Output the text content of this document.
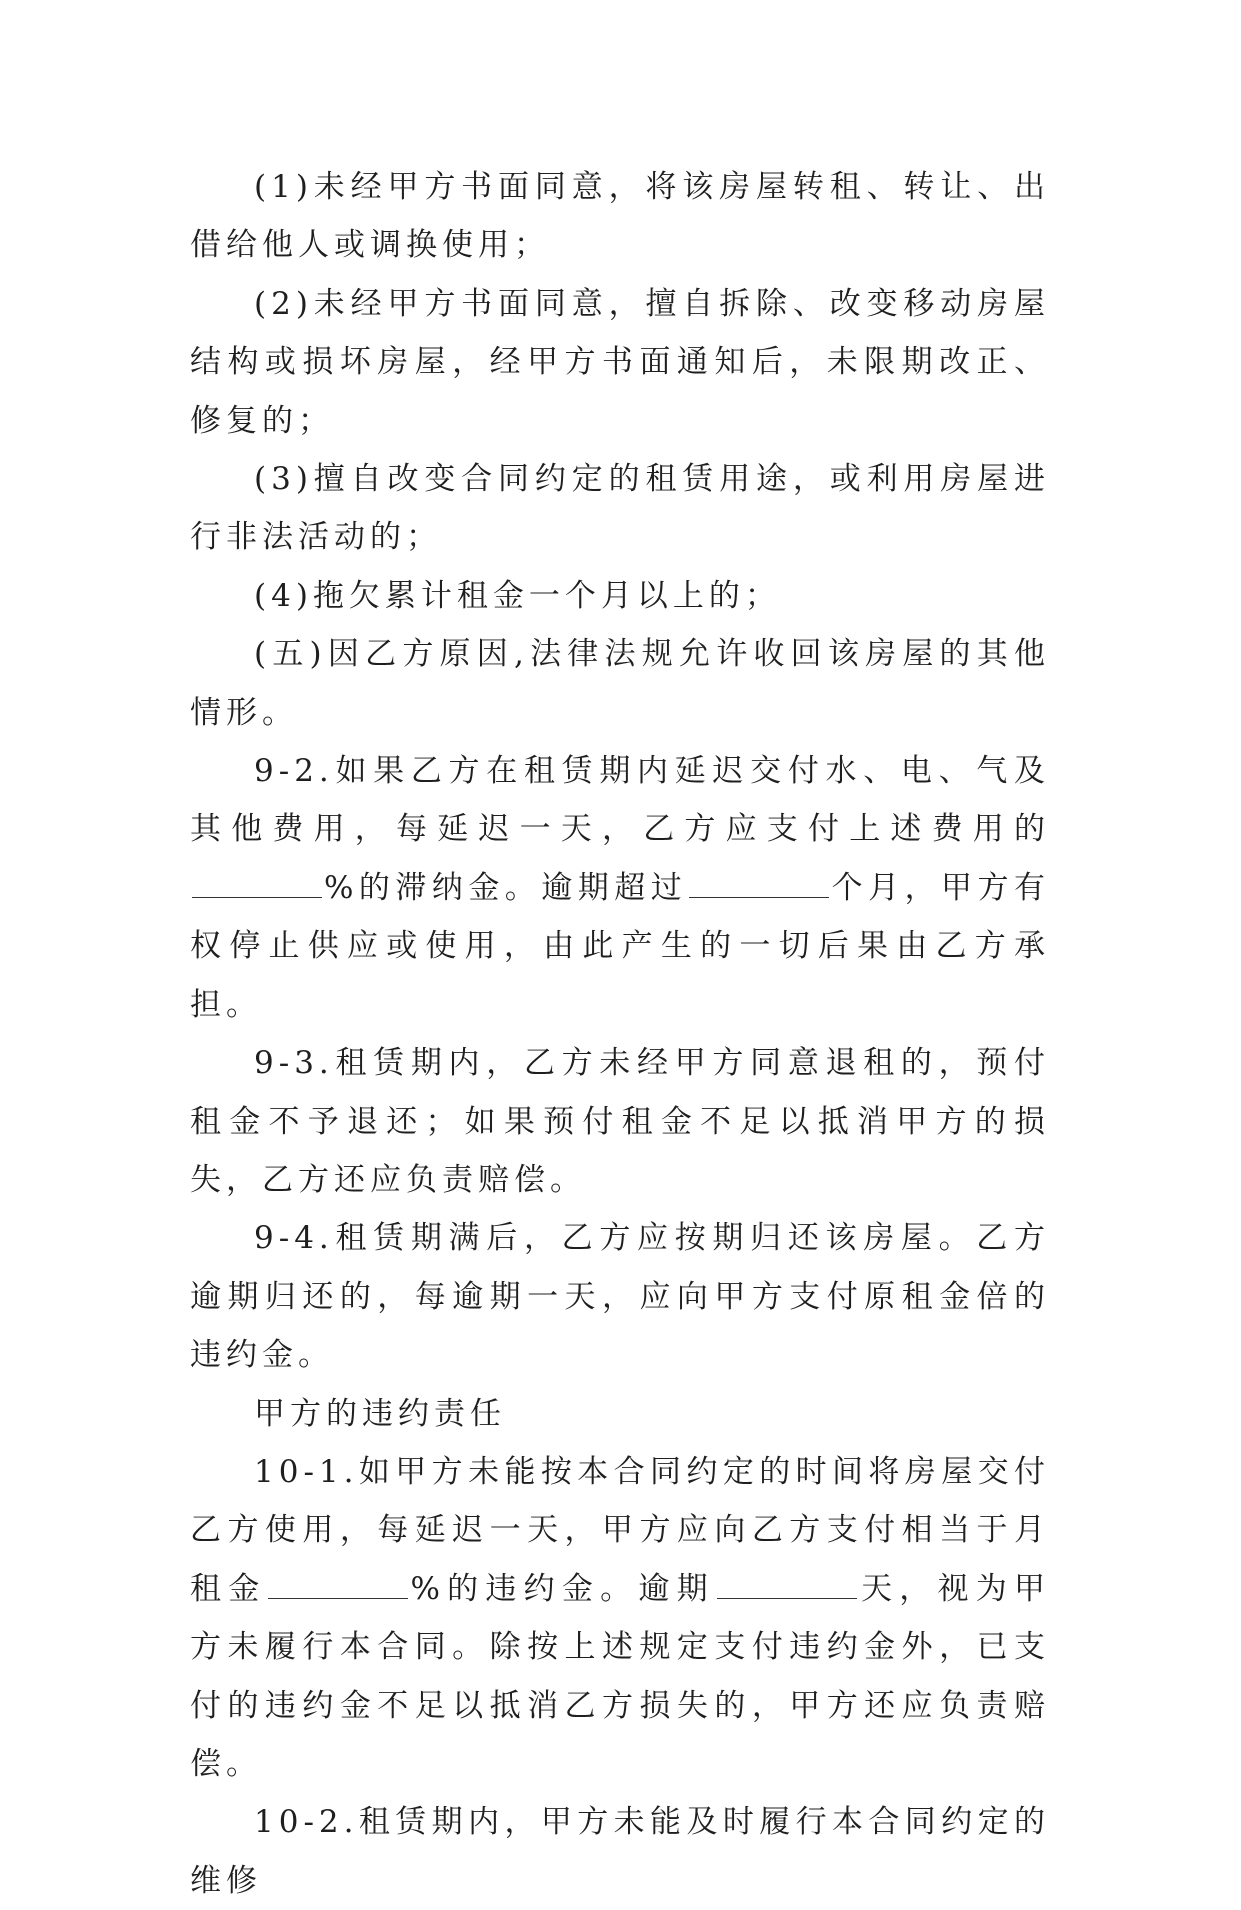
(1)未经甲方书面同意，将该房屋转租、转让、出借给他人或调换使用；

(2)未经甲方书面同意，擅自拆除、改变移动房屋结构或损坏房屋，经甲方书面通知后，未限期改正、修复的；

(3)擅自改变合同约定的租赁用途，或利用房屋进行非法活动的；

(4)拖欠累计租金一个月以上的；

(五)因乙方原因,法律法规允许收回该房屋的其他情形。

9-2.如果乙方在租赁期内延迟交付水、电、气及其他费用，每延迟一天，乙方应支付上述费用的%的滞纳金。逾期超过	个月，甲方有权停止供应或使用，由此产生的一切后果由乙方承担。

9-3.租赁期内，乙方未经甲方同意退租的，预付租金不予退还；如果预付租金不足以抵消甲方的损失，乙方还应负责赔偿。

9-4.租赁期满后，乙方应按期归还该房屋。乙方逾期归还的，每逾期一天，应向甲方支付原租金倍的违约金。

甲方的违约责任

10-1.如甲方未能按本合同约定的时间将房屋交付乙方使用，每延迟一天，甲方应向乙方支付相当于月租金	%的违约金。逾期	天，视为甲方未履行本合同。除按上述规定支付违约金外，已支付的违约金不足以抵消乙方损失的，甲方还应负责赔偿。

10-2.租赁期内，甲方未能及时履行本合同约定的维修
